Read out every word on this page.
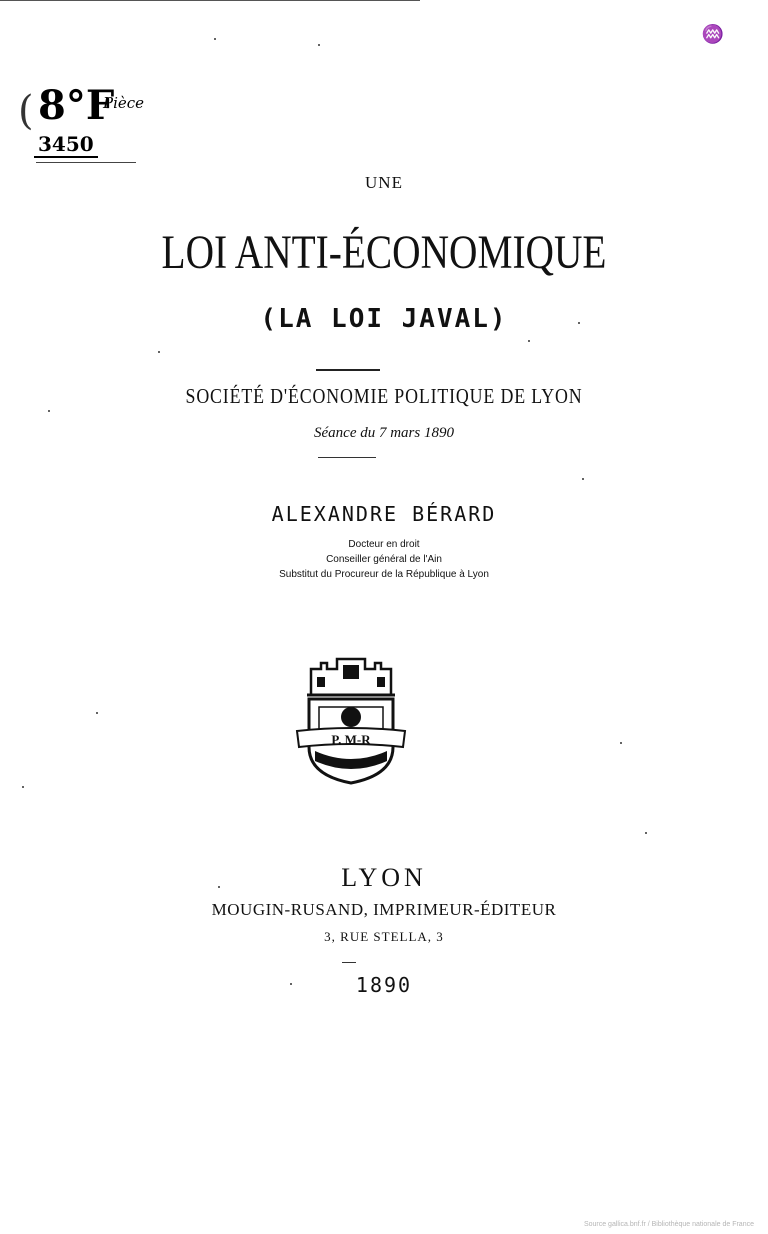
( 8°F
Pièce
3450
♒
UNE
LOI ANTI-ÉCONOMIQUE
(LA LOI JAVAL)
SOCIÉTÉ D'ÉCONOMIE POLITIQUE DE LYON
Séance du 7 mars 1890
ALEXANDRE BÉRARD
Docteur en droit
Conseiller général de l'Ain
Substitut du Procureur de la République à Lyon
P. M-R
LYON
MOUGIN-RUSAND, IMPRIMEUR-ÉDITEUR
3, RUE STELLA, 3
1890
Source gallica.bnf.fr / Bibliothèque nationale de France
